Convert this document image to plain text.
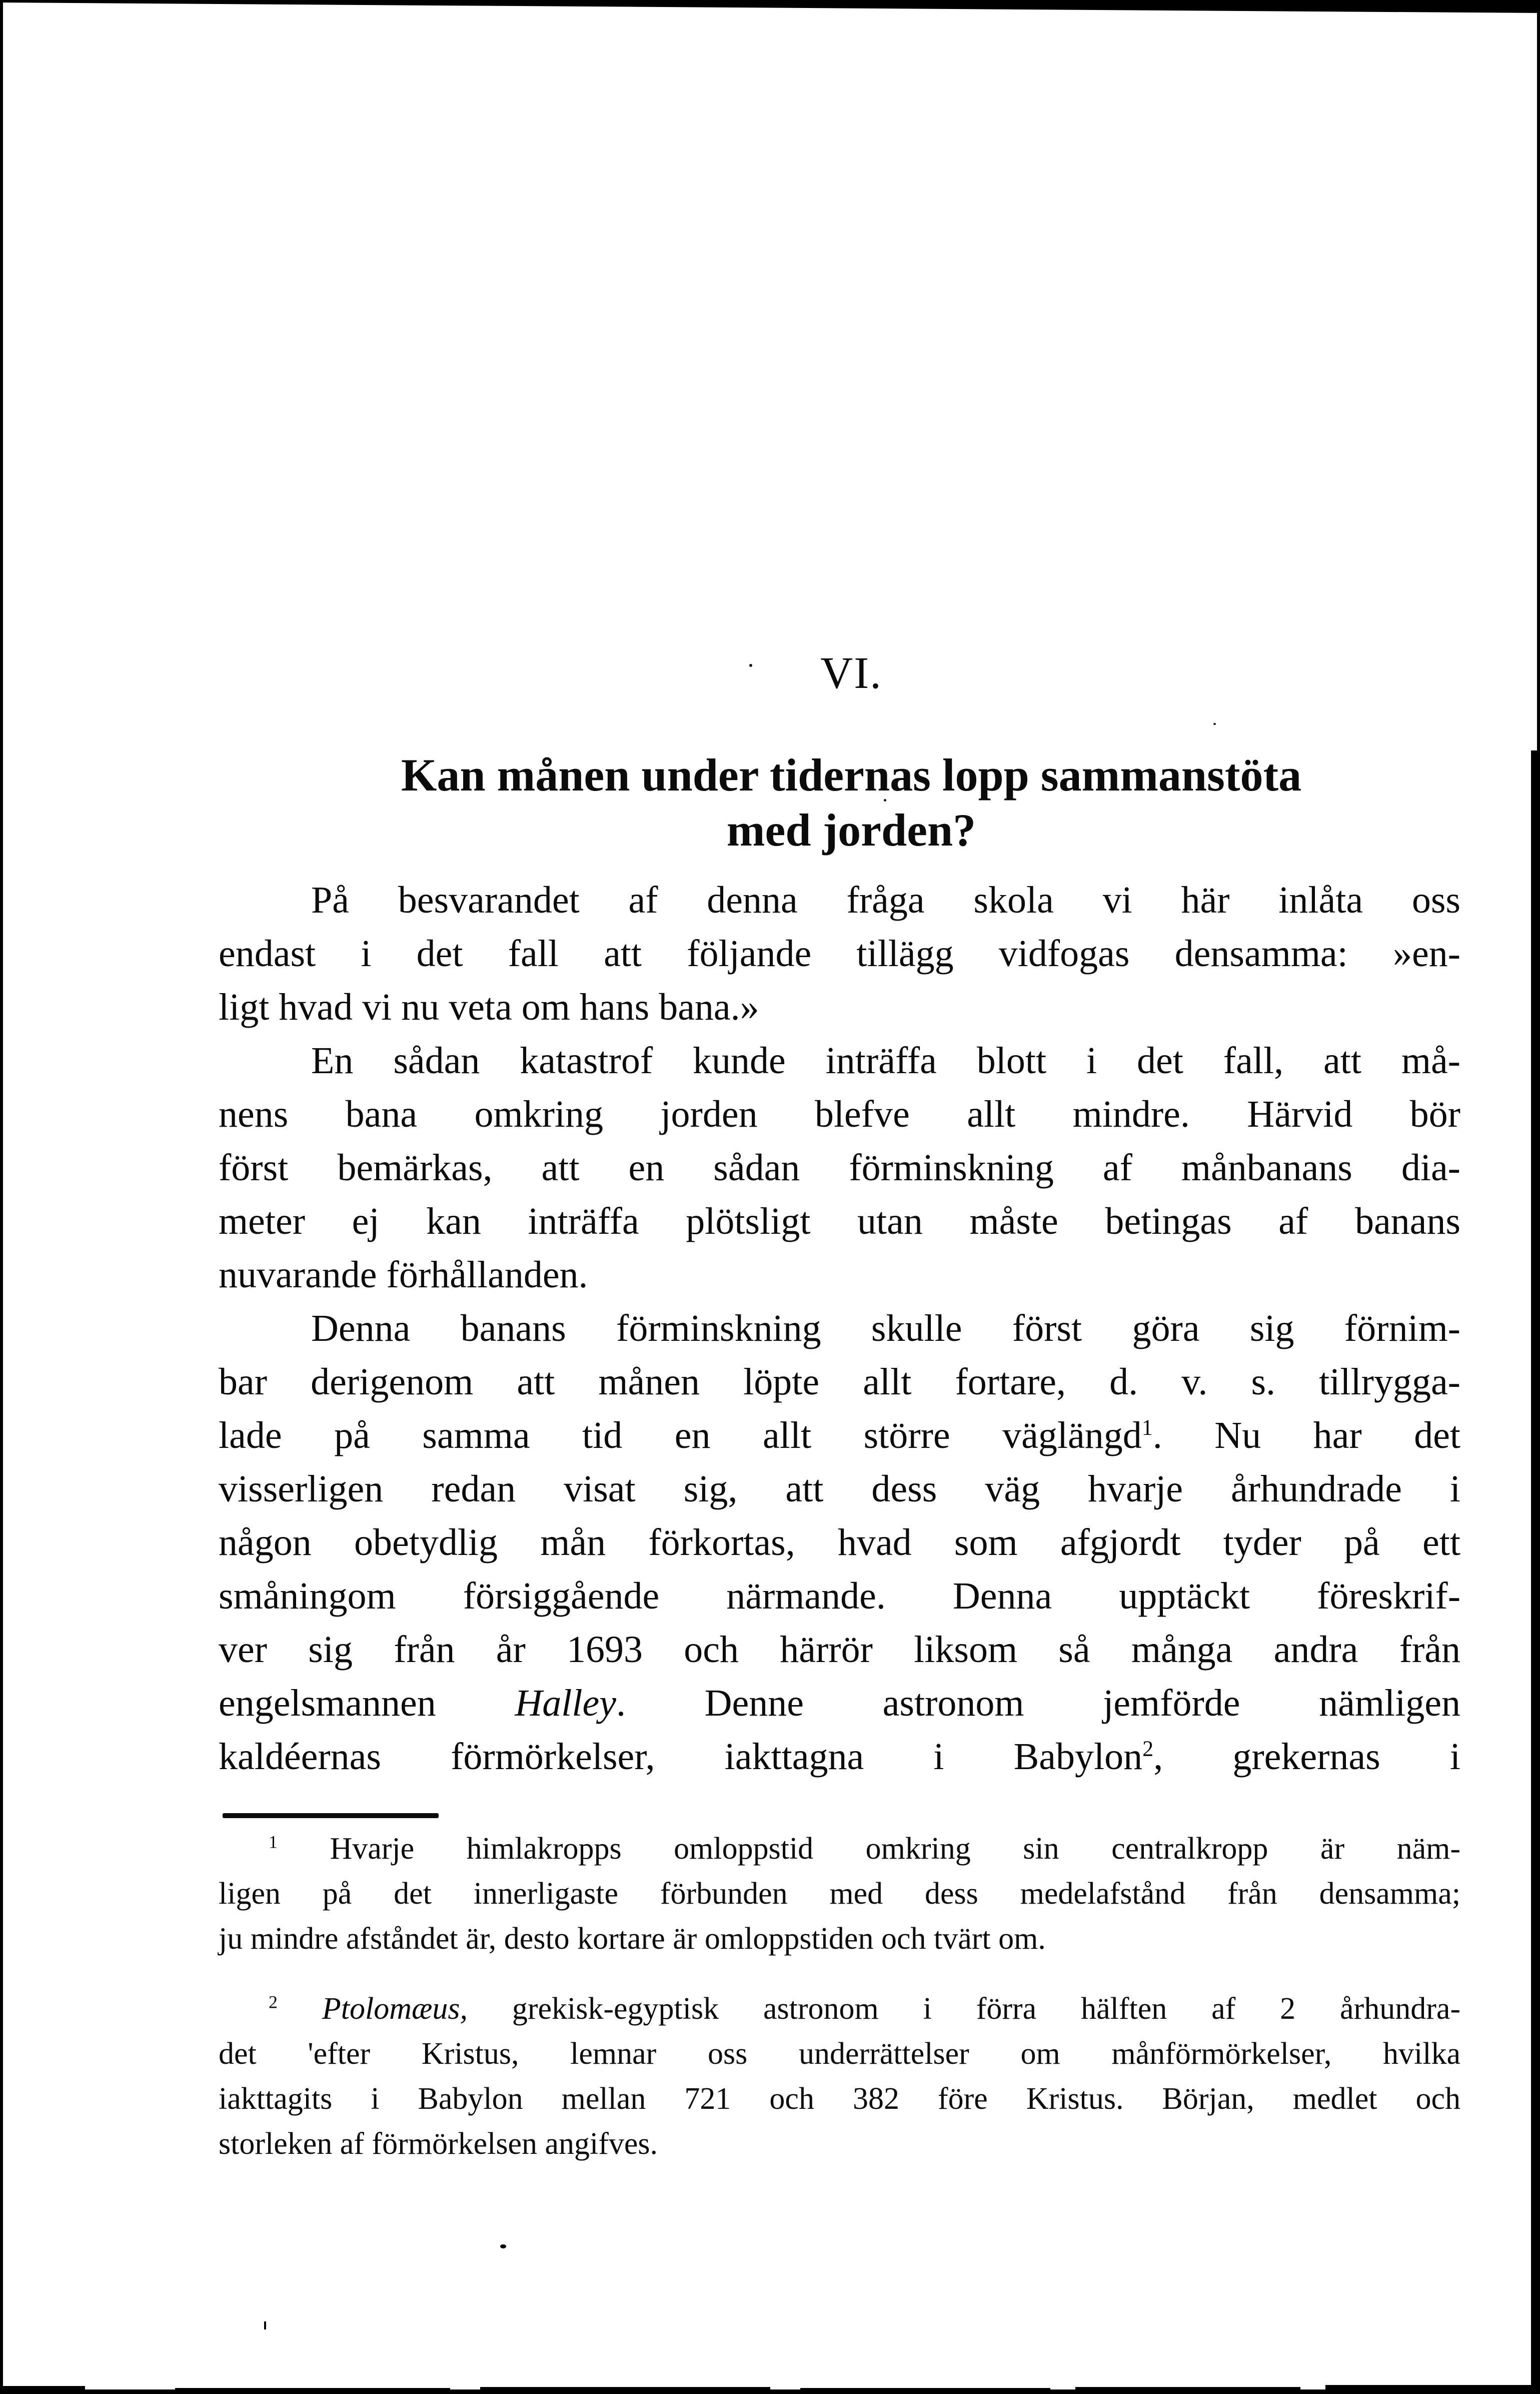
VI.
Kan månen under tidernas lopp sammanstöta
med jorden?
På besvarandet af denna fråga skola vi här inlåta oss
endast i det fall att följande tillägg vidfogas densamma: »en-
ligt hvad vi nu veta om hans bana.»
En sådan katastrof kunde inträffa blott i det fall, att må-
nens bana omkring jorden blefve allt mindre. Härvid bör
först bemärkas, att en sådan förminskning af månbanans dia-
meter ej kan inträffa plötsligt utan måste betingas af banans
nuvarande förhållanden.
Denna banans förminskning skulle först göra sig förnim-
bar derigenom att månen löpte allt fortare, d. v. s. tillrygga-
lade på samma tid en allt större väglängd$^1$. Nu har det
visserligen redan visat sig, att dess väg hvarje århundrade i
någon obetydlig mån förkortas, hvad som afgjordt tyder på ett
småningom försiggående närmande. Denna upptäckt föreskrif-
ver sig från år 1693 och härrör liksom så många andra från
engelsmannen Halley. Denne astronom jemförde nämligen
kaldéernas förmörkelser, iakttagna i Babylon$^2$, grekernas i
$^1$ Hvarje himlakropps omloppstid omkring sin centralkropp är näm-
ligen på det innerligaste förbunden med dess medelafstånd från densamma;
ju mindre afståndet är, desto kortare är omloppstiden och tvärt om.
$^2$ Ptolomæus, grekisk-egyptisk astronom i förra hälften af 2 århundra-
det 'efter Kristus, lemnar oss underrättelser om månförmörkelser, hvilka
iakttagits i Babylon mellan 721 och 382 före Kristus. Början, medlet och
storleken af förmörkelsen angifves.
